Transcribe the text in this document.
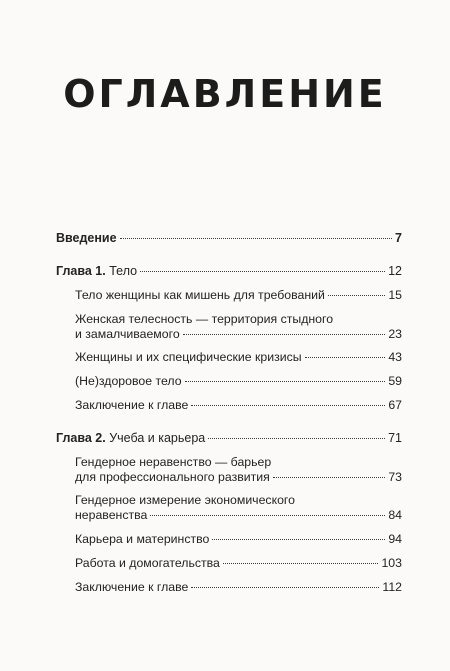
ОГЛАВЛЕНИЕ
Введение	7
Глава 1. Тело	12
Тело женщины как мишень для требований	15
Женская телесность — территория стыдного
и замалчиваемого	23
Женщины и их специфические кризисы	43
(Не)здоровое тело	59
Заключение к главе	67
Глава 2. Учеба и карьера	71
Гендерное неравенство — барьер
для профессионального развития	73
Гендерное измерение экономического
неравенства	84
Карьера и материнство	94
Работа и домогательства	103
Заключение к главе	112
